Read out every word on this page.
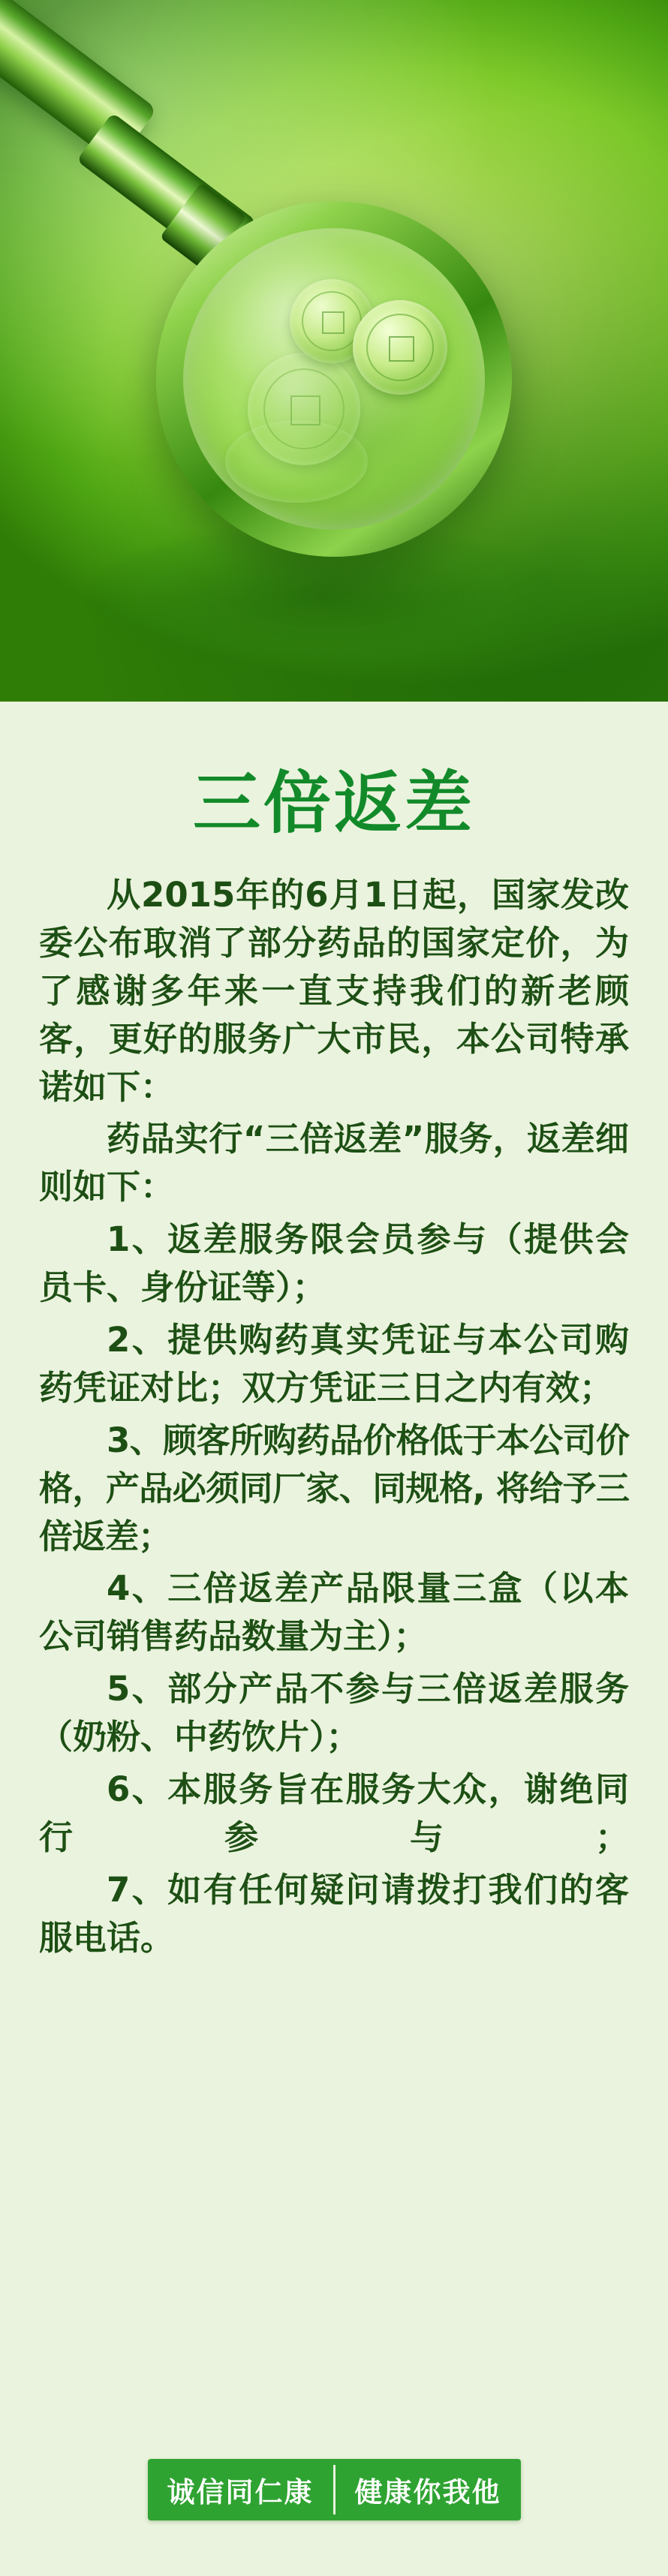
三倍返差

从2015年的6月1日起，国家发改委公布取消了部分药品的国家定价，为了感谢多年来一直支持我们的新老顾客，更好的服务广大市民，本公司特承诺如下：

药品实行“三倍返差”服务，返差细则如下：

1、返差服务限会员参与（提供会员卡、身份证等）；

2、提供购药真实凭证与本公司购药凭证对比；双方凭证三日之内有效；

3、顾客所购药品价格低于本公司价格，产品必须同厂家、同规格, 将给予三倍返差；

4、三倍返差产品限量三盒（以本公司销售药品数量为主）；

5、部分产品不参与三倍返差服务（奶粉、中药饮片）；

6、本服务旨在服务大众，谢绝同行参与；

7、如有任何疑问请拨打我们的客服电话。

诚信同仁康	健康你我他
